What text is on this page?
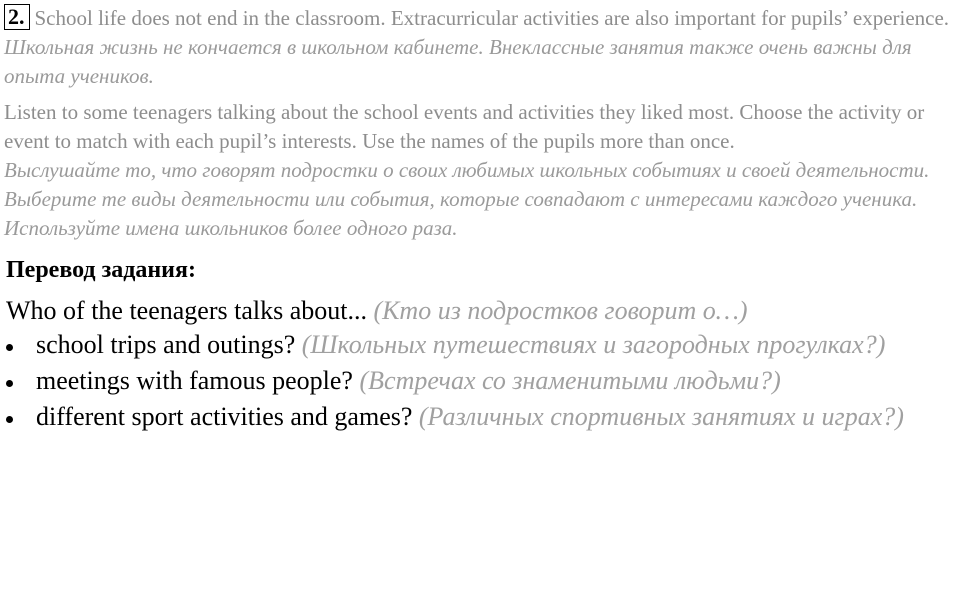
2. School life does not end in the classroom. Extracurricular activities are also important for pupils’ experience.
Школьная жизнь не кончается в школьном кабинете. Внеклассные занятия также очень важны для опыта учеников.

Listen to some teenagers talking about the school events and activities they liked most. Choose the activity or event to match with each pupil’s interests. Use the names of the pupils more than once.
Выслушайте то, что говорят подростки о своих любимых школьных событиях и своей деятельности. Выберите те виды деятельности или события, которые совпадают с интересами каждого ученика. Используйте имена школьников более одного раза.

Перевод задания:
Who of the teenagers talks about... (Кто из подростков говорит о…)
school trips and outings? (Школьных путешествиях и загородных прогулках?)
meetings with famous people? (Встречах со знаменитыми людьми?)
different sport activities and games? (Различных спортивных занятиях и играх?)
